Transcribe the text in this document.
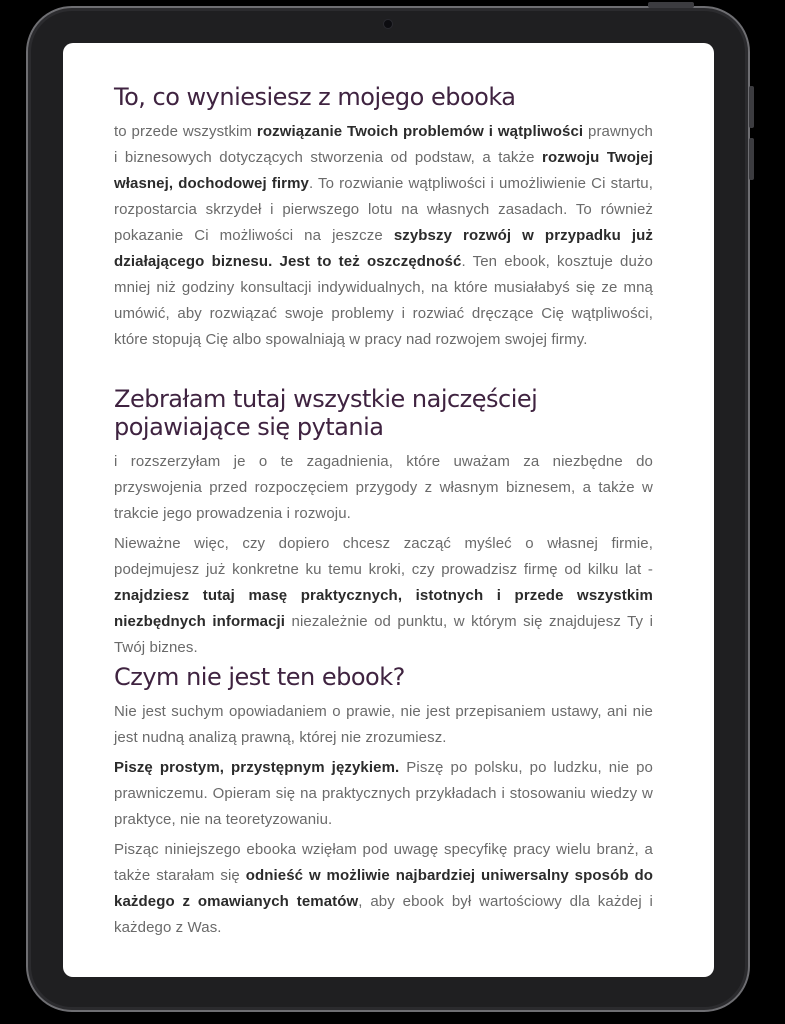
To, co wyniesiesz z mojego ebooka

to przede wszystkim rozwiązanie Twoich problemów i wątpliwości prawnych i biznesowych dotyczących stworzenia od podstaw, a także rozwoju Twojej własnej, dochodowej firmy. To rozwianie wątpliwości i umożliwienie Ci startu, rozpostarcia skrzydeł i pierwszego lotu na własnych zasadach. To również pokazanie Ci możliwości na jeszcze szybszy rozwój w przypadku już działającego biznesu. Jest to też oszczędność. Ten ebook, kosztuje dużo mniej niż godziny konsultacji indywidualnych, na które musiałabyś się ze mną umówić, aby rozwiązać swoje problemy i rozwiać dręczące Cię wątpliwości, które stopują Cię albo spowalniają w pracy nad rozwojem swojej firmy.

Zebrałam tutaj wszystkie najczęściej pojawiające się pytania

i rozszerzyłam je o te zagadnienia, które uważam za niezbędne do przyswojenia przed rozpoczęciem przygody z własnym biznesem, a także w trakcie jego prowadzenia i rozwoju.

Nieważne więc, czy dopiero chcesz zacząć myśleć o własnej firmie, podejmujesz już konkretne ku temu kroki, czy prowadzisz firmę od kilku lat - znajdziesz tutaj masę praktycznych, istotnych i przede wszystkim niezbędnych informacji niezależnie od punktu, w którym się znajdujesz Ty i Twój biznes.

Czym nie jest ten ebook?

Nie jest suchym opowiadaniem o prawie, nie jest przepisaniem ustawy, ani nie jest nudną analizą prawną, której nie zrozumiesz.

Piszę prostym, przystępnym językiem. Piszę po polsku, po ludzku, nie po prawniczemu. Opieram się na praktycznych przykładach i stosowaniu wiedzy w praktyce, nie na teoretyzowaniu.

Pisząc niniejszego ebooka wzięłam pod uwagę specyfikę pracy wielu branż, a także starałam się odnieść w możliwie najbardziej uniwersalny sposób do każdego z omawianych tematów, aby ebook był wartościowy dla każdej i każdego z Was.
